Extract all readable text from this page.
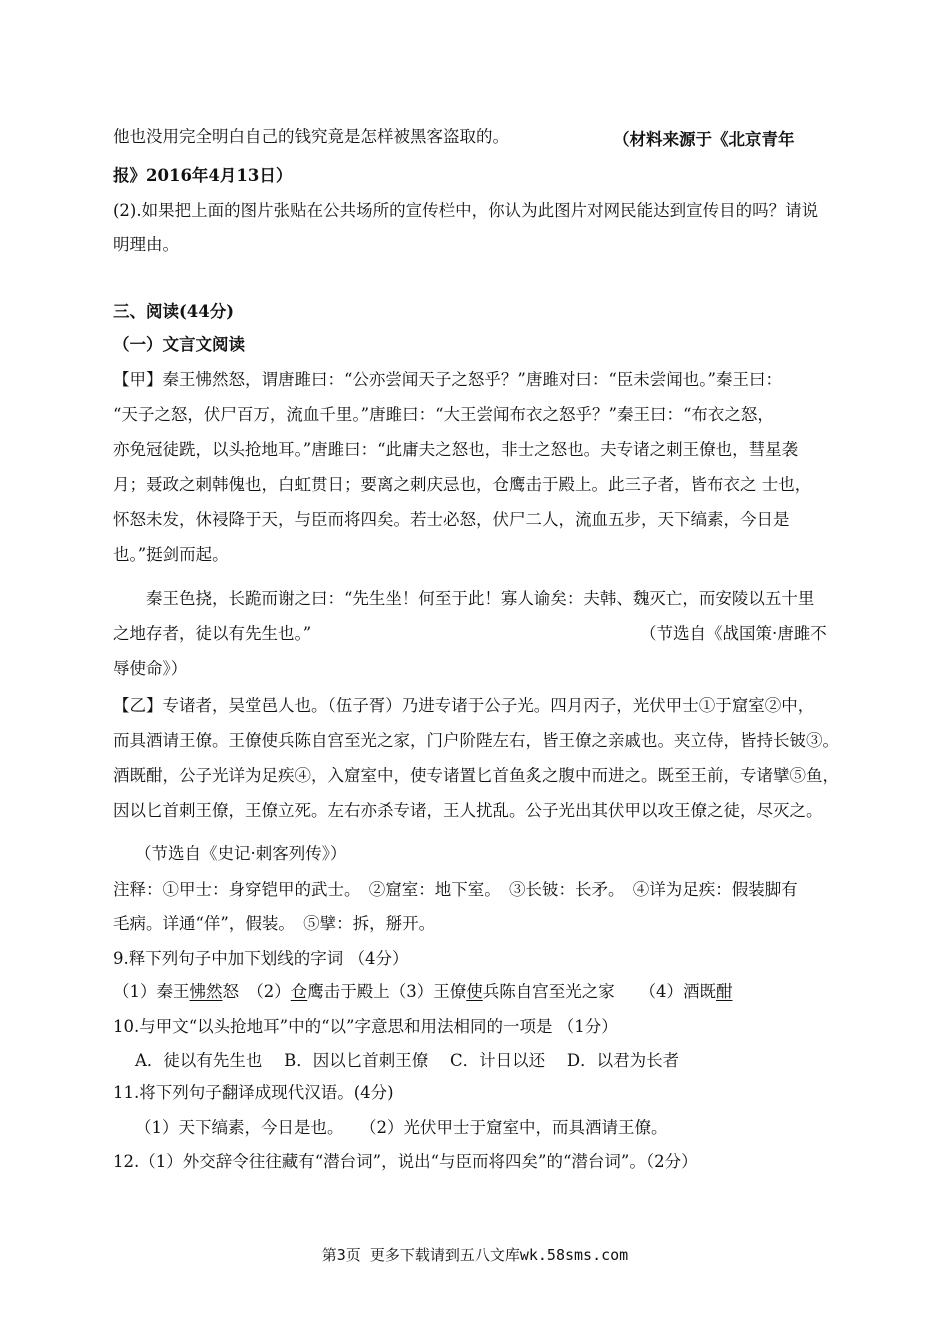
他也没用完全明白自己的钱究竟是怎样被黑客盗取的。	（材料来源于《北京青年
报》2016年4月13日）
(2).如果把上面的图片张贴在公共场所的宣传栏中，你认为此图片对网民能达到宣传目的吗？请说
明理由。
三、阅读(44分)
（一）文言文阅读
【甲】秦王怫然怒，谓唐雎曰：“公亦尝闻天子之怒乎？”唐雎对曰：“臣未尝闻也。”秦王曰：
“天子之怒，伏尸百万，流血千里。”唐雎曰：“大王尝闻布衣之怒乎？”秦王曰：“布衣之怒，
亦免冠徒跣，以头抢地耳。”唐雎曰：“此庸夫之怒也，非士之怒也。夫专诸之刺王僚也，彗星袭
月；聂政之刺韩傀也，白虹贯日；要离之刺庆忌也，仓鹰击于殿上。此三子者，皆布衣之 士也，
怀怒未发，休祲降于天，与臣而将四矣。若士必怒，伏尸二人，流血五步，天下缟素，今日是
也。”挺剑而起。
　　秦王色挠，长跪而谢之曰：“先生坐！何至于此！寡人谕矣：夫韩、魏灭亡，而安陵以五十里
之地存者，徒以有先生也。”	（节选自《战国策·唐雎不
辱使命》）
【乙】专诸者，吴堂邑人也。（伍子胥）乃进专诸于公子光。四月丙子，光伏甲士①于窟室②中，
而具酒请王僚。王僚使兵陈自宫至光之家，门户阶陛左右，皆王僚之亲戚也。夹立侍，皆持长铍③。
酒既酣，公子光详为足疾④，入窟室中，使专诸置匕首鱼炙之腹中而进之。既至王前，专诸擘⑤鱼，
因以匕首刺王僚，王僚立死。左右亦杀专诸，王人扰乱。公子光出其伏甲以攻王僚之徒，尽灭之。
（节选自《史记·刺客列传》）
注释：①甲士：身穿铠甲的武士。　②窟室：地下室。　③长铍：长矛。　④详为足疾：假装脚有
毛病。详通“佯”，假装。　⑤擘：拆，掰开。
9.释下列句子中加下划线的字词 （4分）
（1）秦王怫然怒　（2）仓鹰击于殿上（3）王僚使兵陈自宫至光之家　　（4）酒既酣
10.与甲文“以头抢地耳”中的“以”字意思和用法相同的一项是 （1分）
A．徒以有先生也　 B．因以匕首刺王僚　 C．计日以还　 D．以君为长者
11.将下列句子翻译成现代汉语。(4分)
（1）天下缟素，今日是也。　　（2）光伏甲士于窟室中，而具酒请王僚。
12.（1）外交辞令往往藏有“潜台词”，说出“与臣而将四矣”的“潜台词”。（2分）
第3页 更多下载请到五八文库wk.58sms.com
